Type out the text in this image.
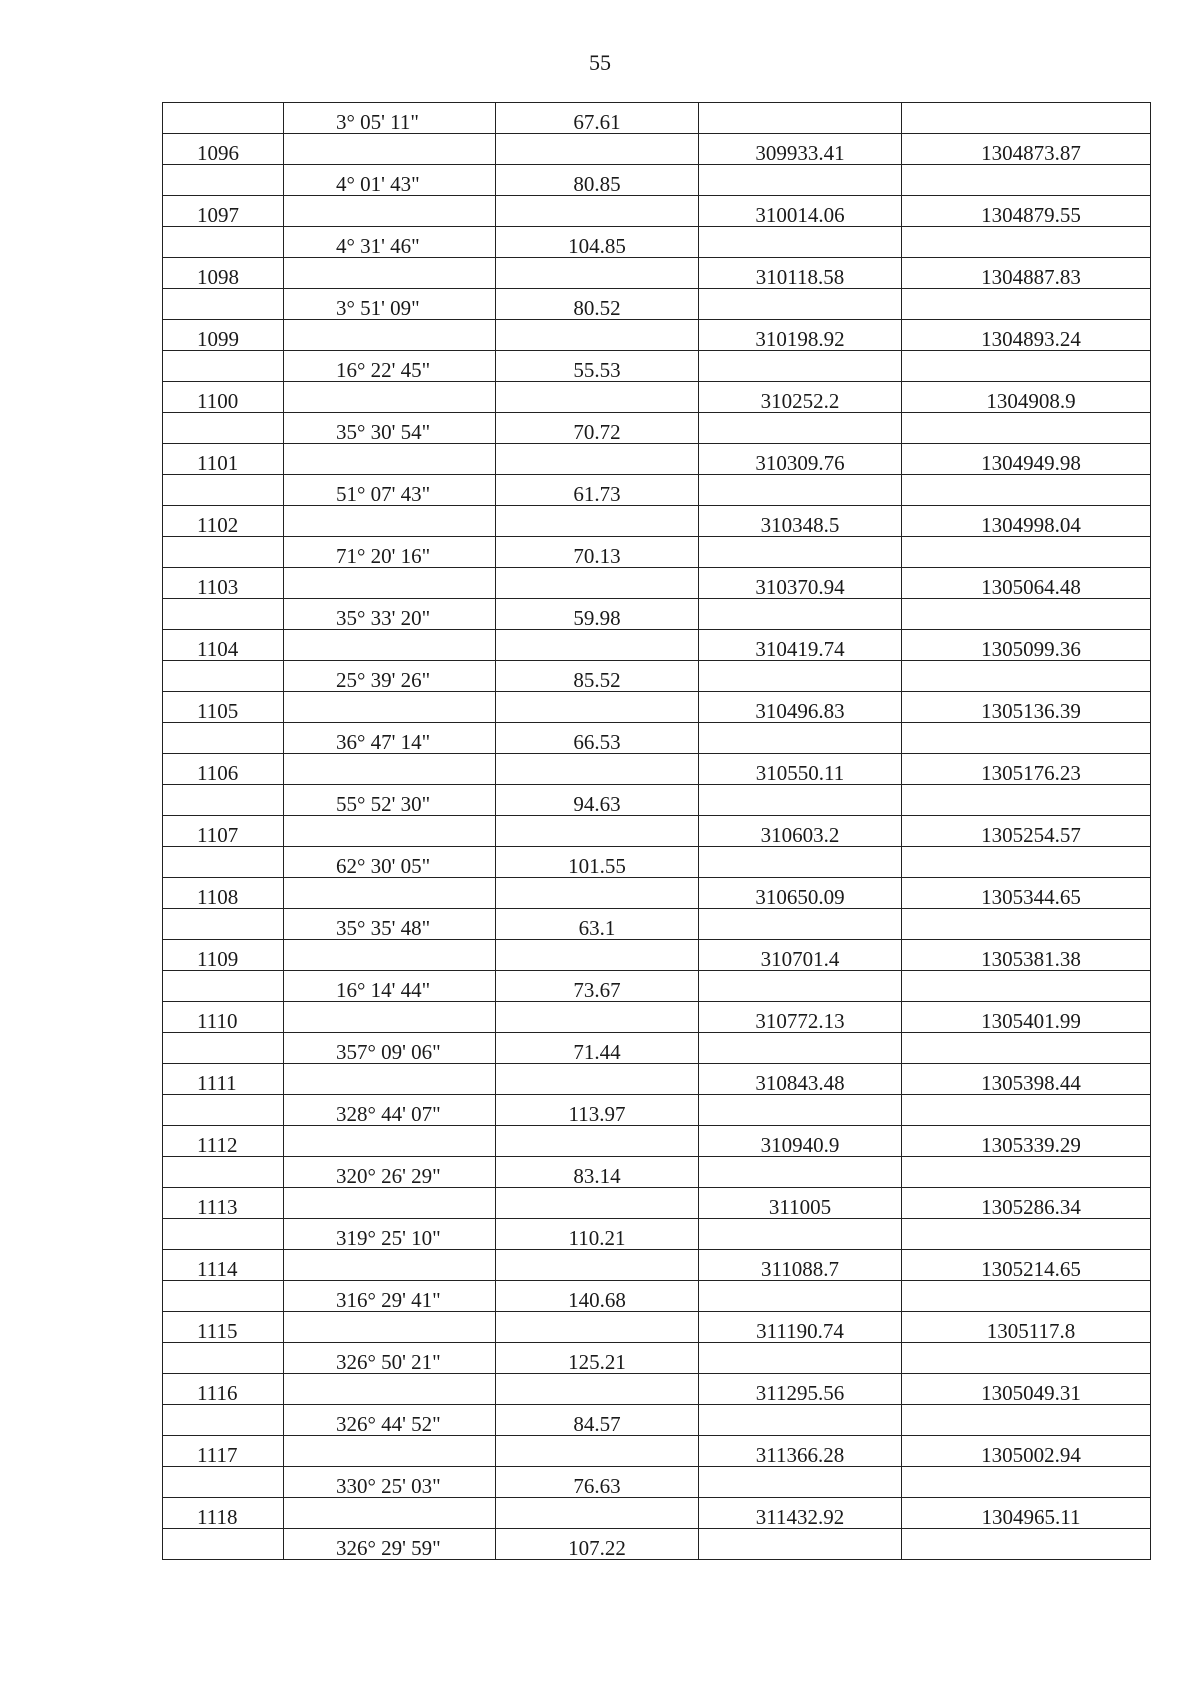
55
	3° 05' 11"	67.61		
1096			309933.41	1304873.87
	4° 01' 43"	80.85		
1097			310014.06	1304879.55
	4° 31' 46"	104.85		
1098			310118.58	1304887.83
	3° 51' 09"	80.52		
1099			310198.92	1304893.24
	16° 22' 45"	55.53		
1100			310252.2	1304908.9
	35° 30' 54"	70.72		
1101			310309.76	1304949.98
	51° 07' 43"	61.73		
1102			310348.5	1304998.04
	71° 20' 16"	70.13		
1103			310370.94	1305064.48
	35° 33' 20"	59.98		
1104			310419.74	1305099.36
	25° 39' 26"	85.52		
1105			310496.83	1305136.39
	36° 47' 14"	66.53		
1106			310550.11	1305176.23
	55° 52' 30"	94.63		
1107			310603.2	1305254.57
	62° 30' 05"	101.55		
1108			310650.09	1305344.65
	35° 35' 48"	63.1		
1109			310701.4	1305381.38
	16° 14' 44"	73.67		
1110			310772.13	1305401.99
	357° 09' 06"	71.44		
1111			310843.48	1305398.44
	328° 44' 07"	113.97		
1112			310940.9	1305339.29
	320° 26' 29"	83.14		
1113			311005	1305286.34
	319° 25' 10"	110.21		
1114			311088.7	1305214.65
	316° 29' 41"	140.68		
1115			311190.74	1305117.8
	326° 50' 21"	125.21		
1116			311295.56	1305049.31
	326° 44' 52"	84.57		
1117			311366.28	1305002.94
	330° 25' 03"	76.63		
1118			311432.92	1304965.11
	326° 29' 59"	107.22		
